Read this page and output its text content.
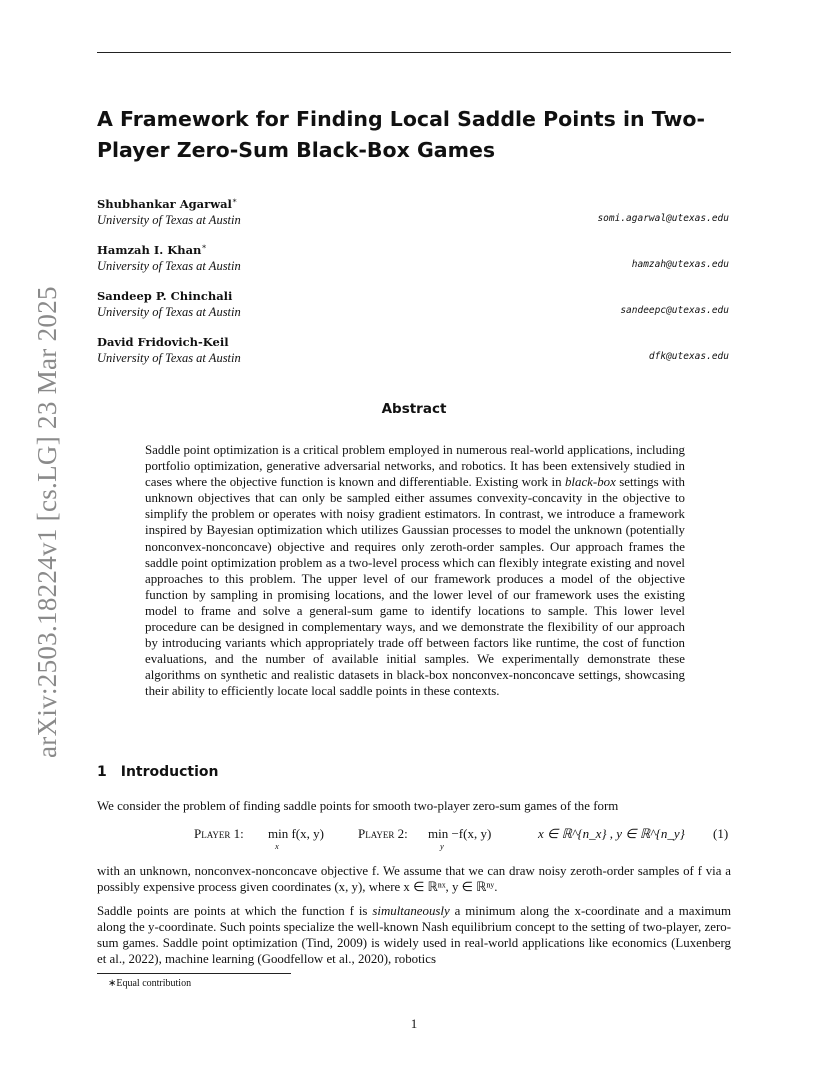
arXiv:2503.18224v1 [cs.LG] 23 Mar 2025
A Framework for Finding Local Saddle Points in Two-Player Zero-Sum Black-Box Games
Shubhankar Agarwal∗
University of Texas at Austin	somi.agarwal@utexas.edu
Hamzah I. Khan∗
University of Texas at Austin	hamzah@utexas.edu
Sandeep P. Chinchali
University of Texas at Austin	sandeepc@utexas.edu
David Fridovich-Keil
University of Texas at Austin	dfk@utexas.edu
Abstract

Saddle point optimization is a critical problem employed in numerous real-world applications, including portfolio optimization, generative adversarial networks, and robotics. It has been extensively studied in cases where the objective function is known and differentiable. Existing work in black-box settings with unknown objectives that can only be sampled either assumes convexity-concavity in the objective to simplify the problem or operates with noisy gradient estimators. In contrast, we introduce a framework inspired by Bayesian optimization which utilizes Gaussian processes to model the unknown (potentially nonconvex-nonconcave) objective and requires only zeroth-order samples. Our approach frames the saddle point optimization problem as a two-level process which can flexibly integrate existing and novel approaches to this problem. The upper level of our framework produces a model of the objective function by sampling in promising locations, and the lower level of our framework uses the existing model to frame and solve a general-sum game to identify locations to sample. This lower level procedure can be designed in complementary ways, and we demonstrate the flexibility of our approach by introducing variants which appropriately trade off between factors like runtime, the cost of function evaluations, and the number of available initial samples. We experimentally demonstrate these algorithms on synthetic and realistic datasets in black-box nonconvex-nonconcave settings, showcasing their ability to efficiently locate local saddle points in these contexts.

1 Introduction

We consider the problem of finding saddle points for smooth two-player zero-sum games of the form

Player 1: min f(x, y)
x
Player 2: min −f(x, y)
y
x ∈ ℝ^{n_x} , y ∈ ℝ^{n_y} (1)

with an unknown, nonconvex-nonconcave objective f. We assume that we can draw noisy zeroth-order samples of f via a possibly expensive process given coordinates (x, y), where x ∈ ℝⁿˣ, y ∈ ℝⁿʸ.

Saddle points are points at which the function f is simultaneously a minimum along the x-coordinate and a maximum along the y-coordinate. Such points specialize the well-known Nash equilibrium concept to the setting of two-player, zero-sum games. Saddle point optimization (Tind, 2009) is widely used in real-world applications like economics (Luxenberg et al., 2022), machine learning (Goodfellow et al., 2020), robotics

∗Equal contribution
1
